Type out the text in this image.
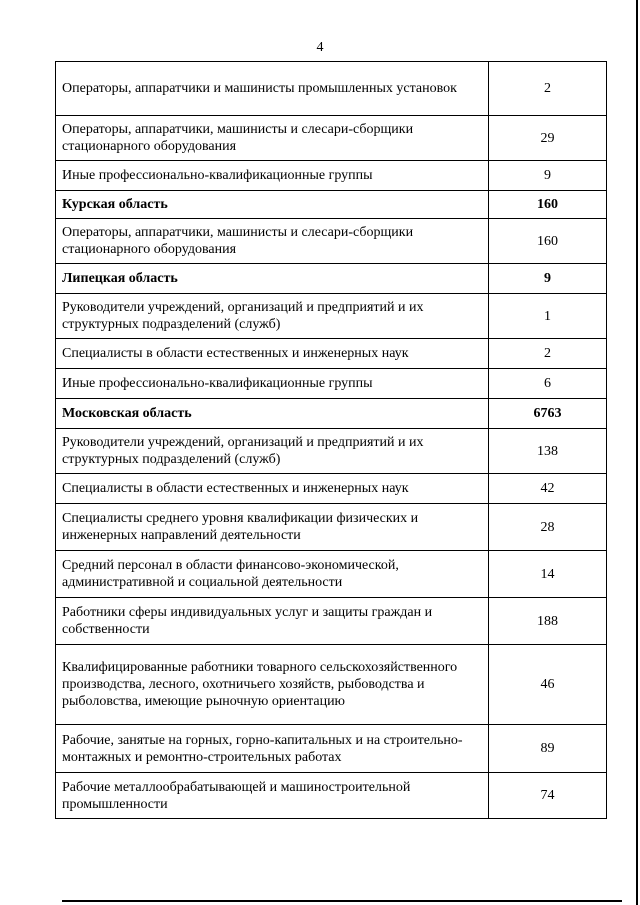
4
Операторы, аппаратчики и машинисты промышленных установок	2
Операторы, аппаратчики, машинисты и слесари-сборщики стационарного оборудования	29
Иные профессионально-квалификационные группы	9
Курская область	160
Операторы, аппаратчики, машинисты и слесари-сборщики стационарного оборудования	160
Липецкая область	9
Руководители учреждений, организаций и предприятий и их структурных подразделений (служб)	1
Специалисты в области естественных и инженерных наук	2
Иные профессионально-квалификационные группы	6
Московская область	6763
Руководители учреждений, организаций и предприятий и их структурных подразделений (служб)	138
Специалисты в области естественных и инженерных наук	42
Специалисты среднего уровня квалификации физических и инженерных направлений деятельности	28
Средний персонал в области финансово-экономической, административной и социальной деятельности	14
Работники сферы индивидуальных услуг и защиты граждан и собственности	188
Квалифицированные работники товарного сельскохозяйственного производства, лесного, охотничьего хозяйств, рыбоводства и рыболовства, имеющие рыночную ориентацию	46
Рабочие, занятые на горных, горно-капитальных и на строительно-монтажных и ремонтно-строительных работах	89
Рабочие металлообрабатывающей и машиностроительной промышленности	74
